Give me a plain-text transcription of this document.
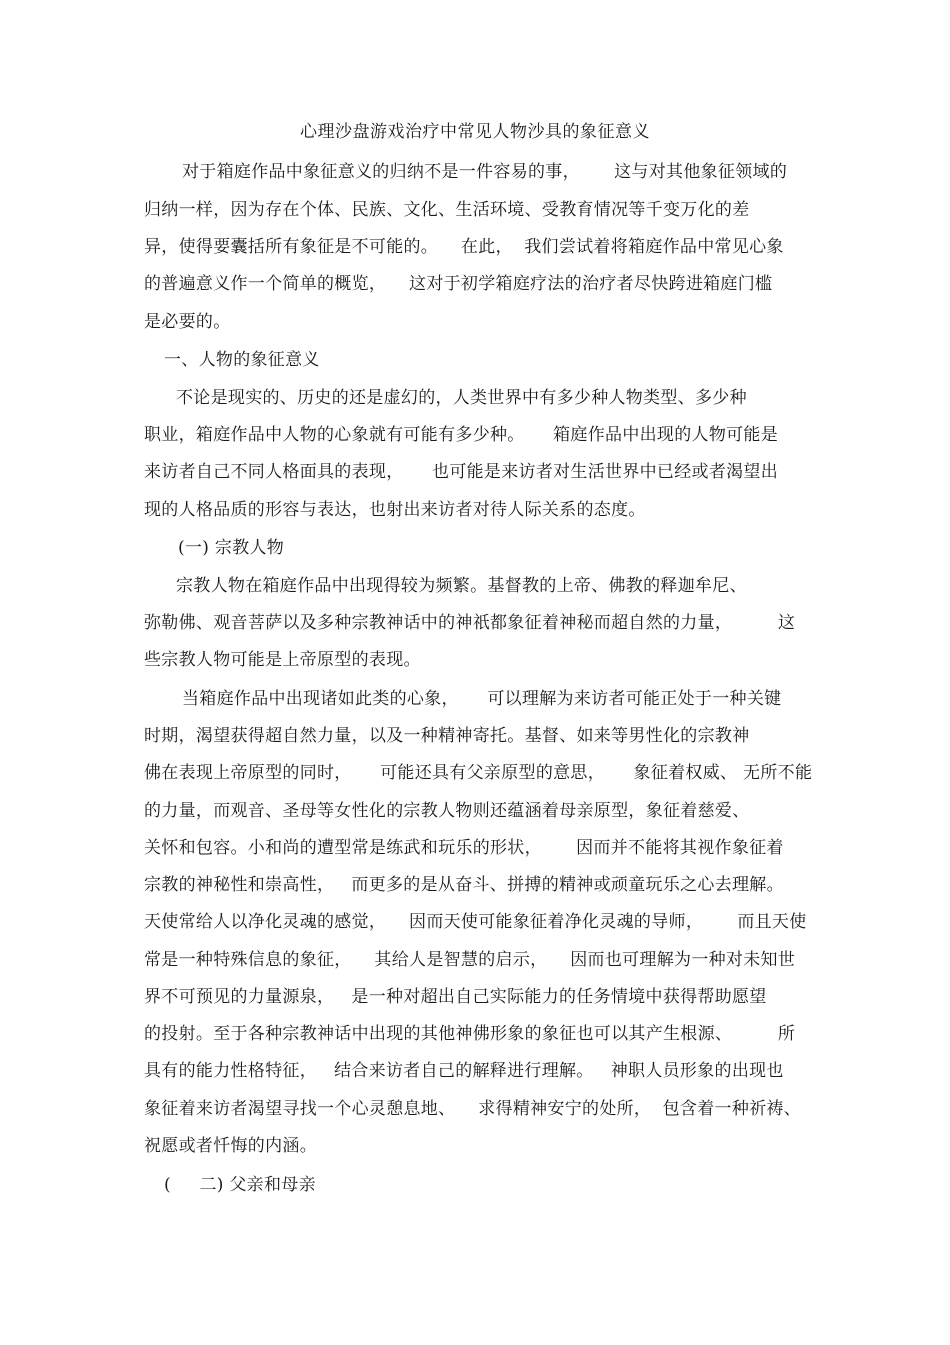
心理沙盘游戏治疗中常见人物沙具的象征意义
对于箱庭作品中象征意义的归纳不是一件容易的事，      这与对其他象征领域的
归纳一样，因为存在个体、民族、文化、生活环境、受教育情况等千变万化的差
异，使得要囊括所有象征是不可能的。    在此，  我们尝试着将箱庭作品中常见心象
的普遍意义作一个简单的概览，    这对于初学箱庭疗法的治疗者尽快跨进箱庭门槛
是必要的。
一、人物的象征意义
不论是现实的、历史的还是虚幻的，人类世界中有多少种人物类型、多少种
职业，箱庭作品中人物的心象就有可能有多少种。     箱庭作品中出现的人物可能是
来访者自己不同人格面具的表现，     也可能是来访者对生活世界中已经或者渴望出
现的人格品质的形容与表达，也射出来访者对待人际关系的态度。
(一) 宗教人物
宗教人物在箱庭作品中出现得较为频繁。基督教的上帝、佛教的释迦牟尼、
弥勒佛、观音菩萨以及多种宗教神话中的神祇都象征着神秘而超自然的力量，        这
些宗教人物可能是上帝原型的表现。
当箱庭作品中出现诸如此类的心象，     可以理解为来访者可能正处于一种关键
时期，渴望获得超自然力量，以及一种精神寄托。基督、如来等男性化的宗教神
佛在表现上帝原型的同时，     可能还具有父亲原型的意思，     象征着权威、 无所不能
的力量，而观音、圣母等女性化的宗教人物则还蕴涵着母亲原型，象征着慈爱、
关怀和包容。小和尚的遭型常是练武和玩乐的形状，      因而并不能将其视作象征着
宗教的神秘性和崇高性，   而更多的是从奋斗、拼搏的精神或顽童玩乐之心去理解。
天使常给人以净化灵魂的感觉，    因而天使可能象征着净化灵魂的导师，      而且天使
常是一种特殊信息的象征，    其给人是智慧的启示，    因而也可理解为一种对未知世
界不可预见的力量源泉，   是一种对超出自己实际能力的任务情境中获得帮助愿望
的投射。至于各种宗教神话中出现的其他神佛形象的象征也可以其产生根源、        所
具有的能力性格特征，   结合来访者自己的解释进行理解。   神职人员形象的出现也
象征着来访者渴望寻找一个心灵憩息地、    求得精神安宁的处所，  包含着一种祈祷、
祝愿或者忏悔的内涵。
(     二) 父亲和母亲
